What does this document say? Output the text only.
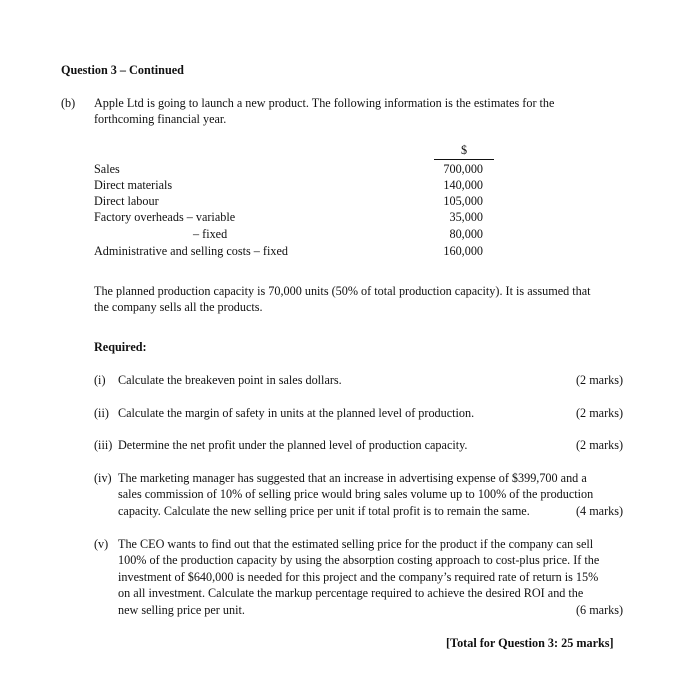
Question 3 – Continued
(b) Apple Ltd is going to launch a new product. The following information is the estimates for the
forthcoming financial year.
$
Sales	700,000
Direct materials	140,000
Direct labour	105,000
Factory overheads – variable	35,000
– fixed	80,000
Administrative and selling costs – fixed	160,000
The planned production capacity is 70,000 units (50% of total production capacity). It is assumed that
the company sells all the products.
Required:
(i) Calculate the breakeven point in sales dollars.	(2 marks)
(ii) Calculate the margin of safety in units at the planned level of production.	(2 marks)
(iii) Determine the net profit under the planned level of production capacity.	(2 marks)
(iv) The marketing manager has suggested that an increase in advertising expense of $399,700 and a
sales commission of 10% of selling price would bring sales volume up to 100% of the production
capacity. Calculate the new selling price per unit if total profit is to remain the same.	(4 marks)
(v) The CEO wants to find out that the estimated selling price for the product if the company can sell
100% of the production capacity by using the absorption costing approach to cost-plus price. If the
investment of $640,000 is needed for this project and the company’s required rate of return is 15%
on all investment. Calculate the markup percentage required to achieve the desired ROI and the
new selling price per unit.	(6 marks)
[Total for Question 3: 25 marks]
